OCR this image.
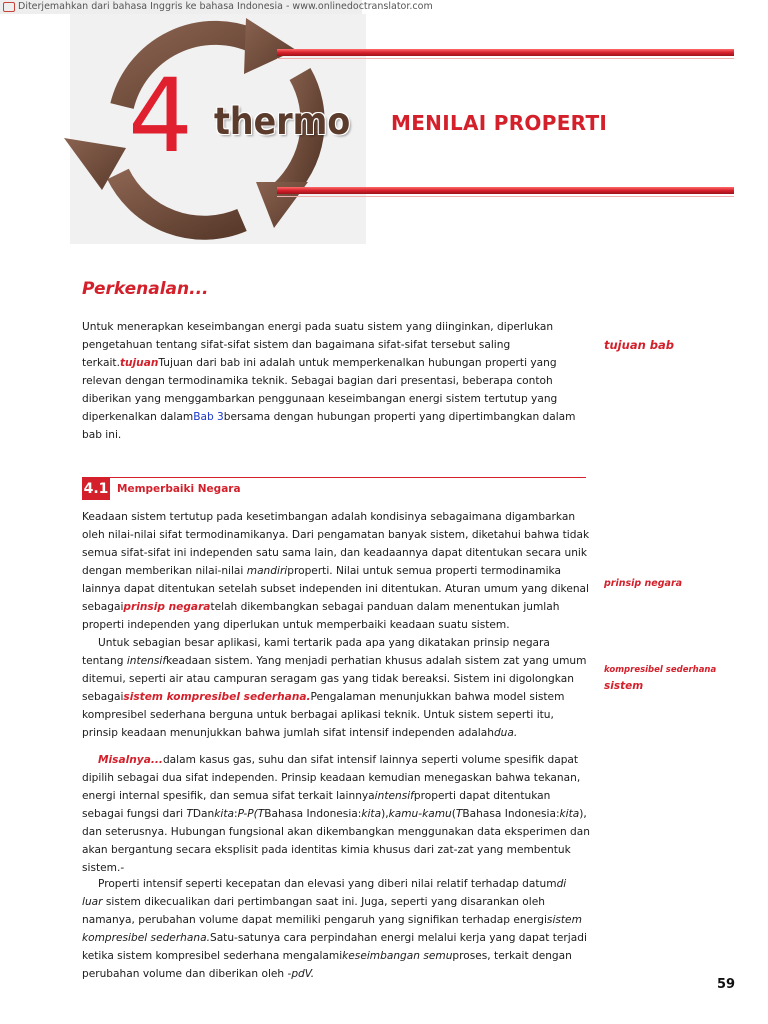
Diterjemahkan dari bahasa Inggris ke bahasa Indonesia - www.onlinedoctranslator.com
4 thermo MENILAI PROPERTI
Perkenalan...

Untuk menerapkan keseimbangan energi pada suatu sistem yang diinginkan, diperlukan pengetahuan tentang sifat-sifat sistem dan bagaimana sifat-sifat tersebut saling terkait.tujuanTujuan dari bab ini adalah untuk memperkenalkan hubungan properti yang relevan dengan termodinamika teknik. Sebagai bagian dari presentasi, beberapa contoh diberikan yang menggambarkan penggunaan keseimbangan energi sistem tertutup yang diperkenalkan dalamBab 3bersama dengan hubungan properti yang dipertimbangkan dalam bab ini.

tujuan bab
4.1 Memperbaiki Negara

Keadaan sistem tertutup pada kesetimbangan adalah kondisinya sebagaimana digambarkan oleh nilai-nilai sifat termodinamikanya. Dari pengamatan banyak sistem, diketahui bahwa tidak semua sifat-sifat ini independen satu sama lain, dan keadaannya dapat ditentukan secara unik dengan memberikan nilai-nilai mandiriproperti. Nilai untuk semua properti termodinamika lainnya dapat ditentukan setelah subset independen ini ditentukan. Aturan umum yang dikenal sebagaiprinsip negaratelah dikembangkan sebagai panduan dalam menentukan jumlah properti independen yang diperlukan untuk memperbaiki keadaan suatu sistem.

Untuk sebagian besar aplikasi, kami tertarik pada apa yang dikatakan prinsip negara tentang intensifkeadaan sistem. Yang menjadi perhatian khusus adalah sistem zat yang umum ditemui, seperti air atau campuran seragam gas yang tidak bereaksi. Sistem ini digolongkan sebagaisistem kompresibel sederhana.Pengalaman menunjukkan bahwa model sistem kompresibel sederhana berguna untuk berbagai aplikasi teknik. Untuk sistem seperti itu, prinsip keadaan menunjukkan bahwa jumlah sifat intensif independen adalahdua.

prinsip negara
kompresibel sederhana
sistem

Misalnya...dalam kasus gas, suhu dan sifat intensif lainnya seperti volume spesifik dapat dipilih sebagai dua sifat independen. Prinsip keadaan kemudian menegaskan bahwa tekanan, energi internal spesifik, dan semua sifat terkait lainnyaintensifproperti dapat ditentukan sebagai fungsi dari TDankita:P-P(TBahasa Indonesia:kita),kamu-kamu(TBahasa Indonesia:kita), dan seterusnya. Hubungan fungsional akan dikembangkan menggunakan data eksperimen dan akan bergantung secara eksplisit pada identitas kimia khusus dari zat-zat yang membentuk sistem.-

Properti intensif seperti kecepatan dan elevasi yang diberi nilai relatif terhadap datumdi luar sistem dikecualikan dari pertimbangan saat ini. Juga, seperti yang disarankan oleh namanya, perubahan volume dapat memiliki pengaruh yang signifikan terhadap energisistem kompresibel sederhana.Satu-satunya cara perpindahan energi melalui kerja yang dapat terjadi ketika sistem kompresibel sederhana mengalamikeseimbangan semuproses, terkait dengan perubahan volume dan diberikan oleh -pdV.

59
